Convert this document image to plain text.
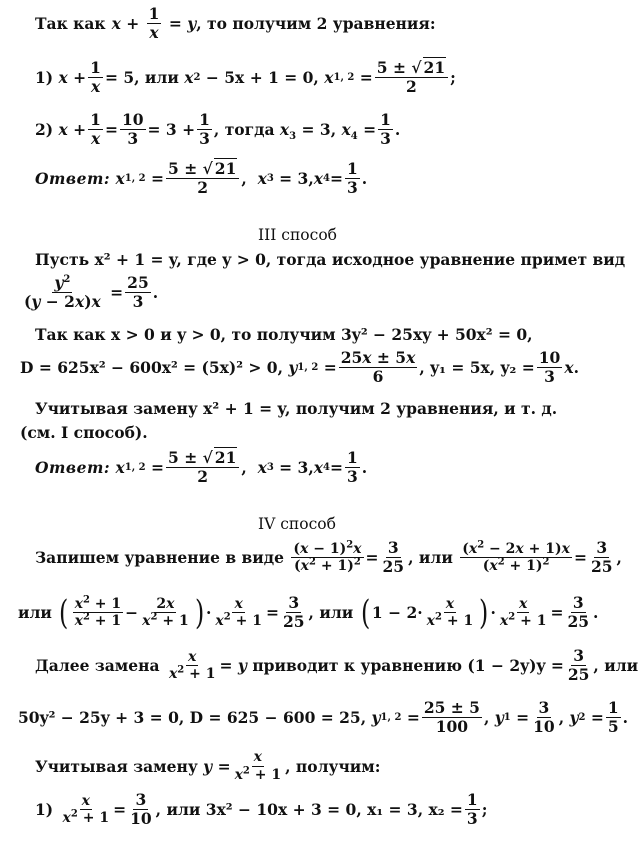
Так как $x + \frac{1}{x} = y$ , то получим 2 уравнения:
1)
$x + \frac{1}{x} = 5$, или
x 2
− 5x + 1 = 0,
x 1, $2 = \frac{5 \pm √ 21}{2}$ ;
2)
$x + \frac{1}{x} = \frac{10}{3} = 3 + \frac{1}{3}$ , тогда $x_3 = 3$, $x_4 = \frac{1}{3}$ .
Ответ:
x 1, $2 = \frac{5 \pm √ 21}{2}$ , x 3 = 3, x $4 = \frac{1}{3}$ .
III способ
Пусть x² + 1 = y, где y > 0, тогда исходное уравнение примет вид
$\frac{y^2}{(y - 2x)x} = \frac{25}{3}$ .
Так как x > 0 и y > 0, то получим 3y² − 25xy + 50x² = 0,
D = 625x² − 600x² = (5x)² > 0,
y 1, $2 = \frac{25x \pm 5x}{6}$ , y₁ = 5x, $y_2 = \frac{10}{3}$ x .
Учитывая замену x² + 1 = y, получим 2 уравнения, и т. д.
(см. I способ).
Ответ:
x 1, $2 = \frac{5 \pm √ 21}{2}$ , x 3 = 3, x $4 = \frac{1}{3}$ .
IV способ
Запишем уравнение в виде
$\frac{(x - 1)^2x}{(x^2 + 1)^2} = \frac{3}{25}$ , или
$\frac{(x^2 - 2x + 1)x}{(x^2 + 1)^2} = \frac{3}{25}$ ,
или
( $\frac{x^2 + 1}{x^2 + 1} - \frac{2x}{x^2 + 1}$ ) · $\frac{x}{x^2 + 1} = \frac{3}{25}$ , или
( $1 - 2\cdot \frac{x}{x^2 + 1}$ ) · $\frac{x}{x^2 + 1} = \frac{3}{25}$ .
Далее замена
$\frac{x}{x^2 + 1} = y$
приводит к уравнению $(1 - 2y)y = \frac{3}{25}$ , или
50y² − 25y + 3 = 0, D = 625 − 600 = 25,
y 1, $2 = \frac{25 \pm 5}{100}$ , y $1 = \frac{3}{10}$ , y $2 = \frac{1}{5}$ .
Учитывая замену
$y = \frac{x}{x^2 + 1}$ , получим:
1)
$\frac{x}{x^2 + 1} = \frac{3}{10}$ , или 3x² − 10x + 3 = 0, x₁ = 3, $x_2 = \frac{1}{3}$ ;
